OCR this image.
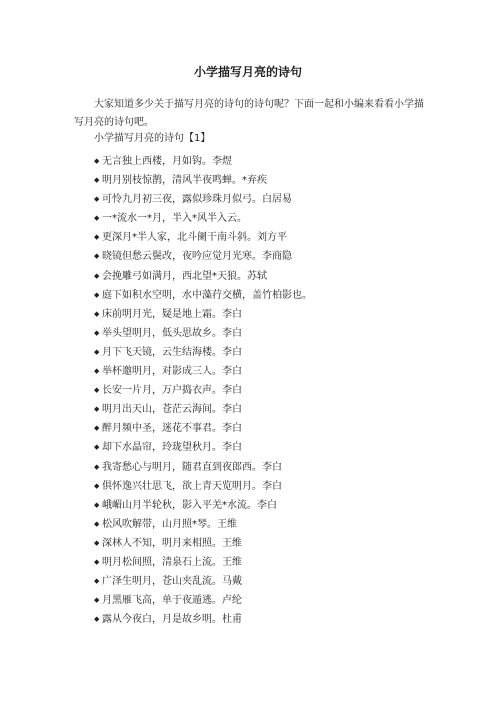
小学描写月亮的诗句
大家知道多少关于描写月亮的诗句的诗句呢？下面一起和小编来看看小学描写月亮的诗句吧。
小学描写月亮的诗句【1】
◆ 无言独上西楼，月如钩。李煜
◆ 明月别枝惊鹊，清风半夜鸣蝉。*弃疾
◆ 可怜九月初三夜，露似珍珠月似弓。白居易
◆ 一*流水一*月，半入*风半入云。
◆ 更深月*半人家，北斗阑干南斗斜。刘方平
◆ 晓镜但愁云鬓改，夜吟应觉月光寒。李商隐
◆ 会挽雕弓如满月，西北望*天狼。苏轼
◆ 庭下如积水空明，水中藻荇交横，盖竹柏影也。
◆ 床前明月光，疑是地上霜。李白
◆ 举头望明月，低头思故乡。李白
◆ 月下飞天镜，云生结海楼。李白
◆ 举杯邀明月，对影成三人。李白
◆ 长安一片月，万户捣衣声。李白
◆ 明月出天山，苍茫云海间。李白
◆ 醉月频中圣，迷花不事君。李白
◆ 却下水晶帘，玲珑望秋月。李白
◆ 我寄愁心与明月，随君直到夜郎西。李白
◆ 俱怀逸兴壮思飞，欲上青天览明月。李白
◆ 峨嵋山月半轮秋，影入平羌*水流。李白
◆ 松风吹解带，山月照*琴。王维
◆ 深林人不知，明月来相照。王维
◆ 明月松间照，清泉石上流。王维
◆ 广泽生明月，苍山夹乱流。马戴
◆ 月黑雁飞高，单于夜遁逃。卢纶
◆ 露从今夜白，月是故乡明。杜甫
